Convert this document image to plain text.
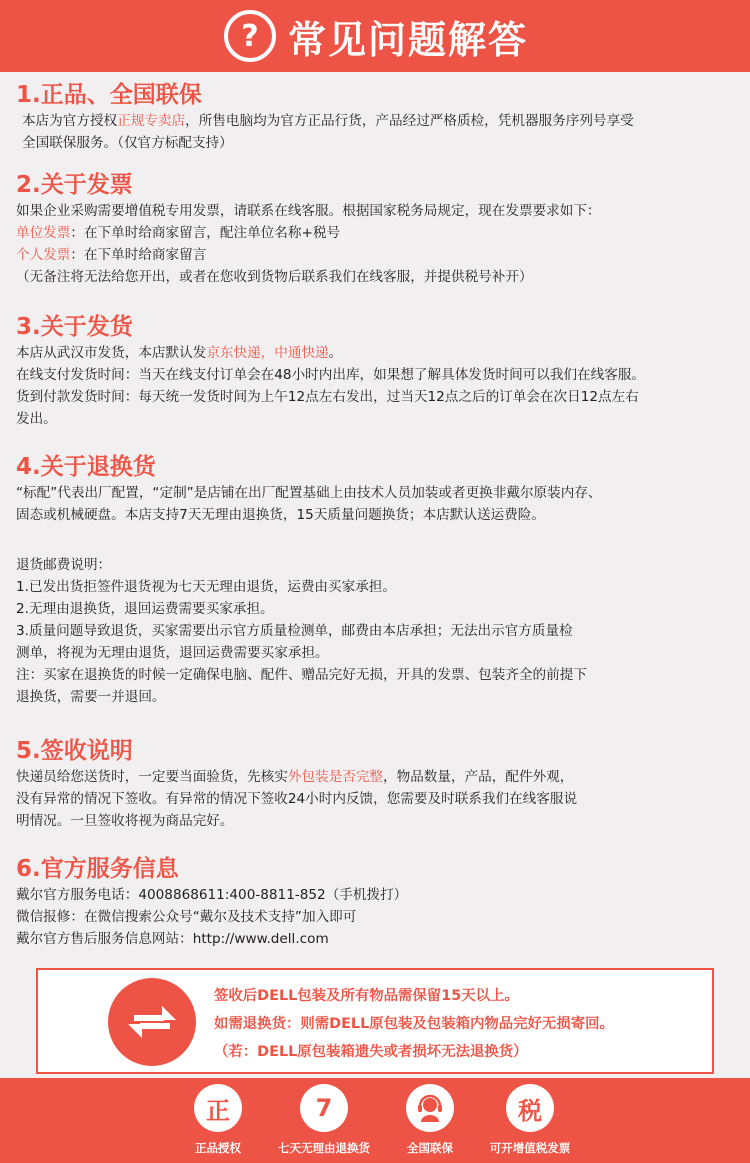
? 常见问题解答
1.正品、全国联保
本店为官方授权正规专卖店，所售电脑均为官方正品行货，产品经过严格质检，凭机器服务序列号享受
全国联保服务。（仅官方标配支持）
2.关于发票
如果企业采购需要增值税专用发票，请联系在线客服。根据国家税务局规定，现在发票要求如下：
单位发票：在下单时给商家留言，配注单位名称+税号
个人发票：在下单时给商家留言
（无备注将无法给您开出，或者在您收到货物后联系我们在线客服，并提供税号补开）
3.关于发货
本店从武汉市发货，本店默认发京东快递，中通快递。
在线支付发货时间：当天在线支付订单会在48小时内出库，如果想了解具体发货时间可以我们在线客服。
货到付款发货时间：每天统一发货时间为上午12点左右发出，过当天12点之后的订单会在次日12点左右
发出。
4.关于退换货
“标配”代表出厂配置，“定制”是店铺在出厂配置基础上由技术人员加装或者更换非戴尔原装内存、
固态或机械硬盘。本店支持7天无理由退换货，15天质量问题换货；本店默认送运费险。
退货邮费说明：
1.已发出货拒签件退货视为七天无理由退货，运费由买家承担。
2.无理由退换货，退回运费需要买家承担。
3.质量问题导致退货，买家需要出示官方质量检测单，邮费由本店承担；无法出示官方质量检
测单，将视为无理由退货，退回运费需要买家承担。
注：买家在退换货的时候一定确保电脑、配件、赠品完好无损，开具的发票、包装齐全的前提下
退换货，需要一并退回。
5.签收说明
快递员给您送货时，一定要当面验货，先核实外包装是否完整，物品数量，产品，配件外观，
没有异常的情况下签收。有异常的情况下签收24小时内反馈，您需要及时联系我们在线客服说
明情况。一旦签收将视为商品完好。
6.官方服务信息
戴尔官方服务电话：4008868611:400-8811-852（手机拨打）
微信报修：在微信搜索公众号“戴尔及技术支持”加入即可
戴尔官方售后服务信息网站：http://www.dell.com
签收后DELL包装及所有物品需保留15天以上。
如需退换货：则需DELL原包装及包装箱内物品完好无损寄回。
（若：DELL原包装箱遗失或者损坏无法退换货）
正
正品授权
7
七天无理由退换货	全国联保
税
可开增值税发票
